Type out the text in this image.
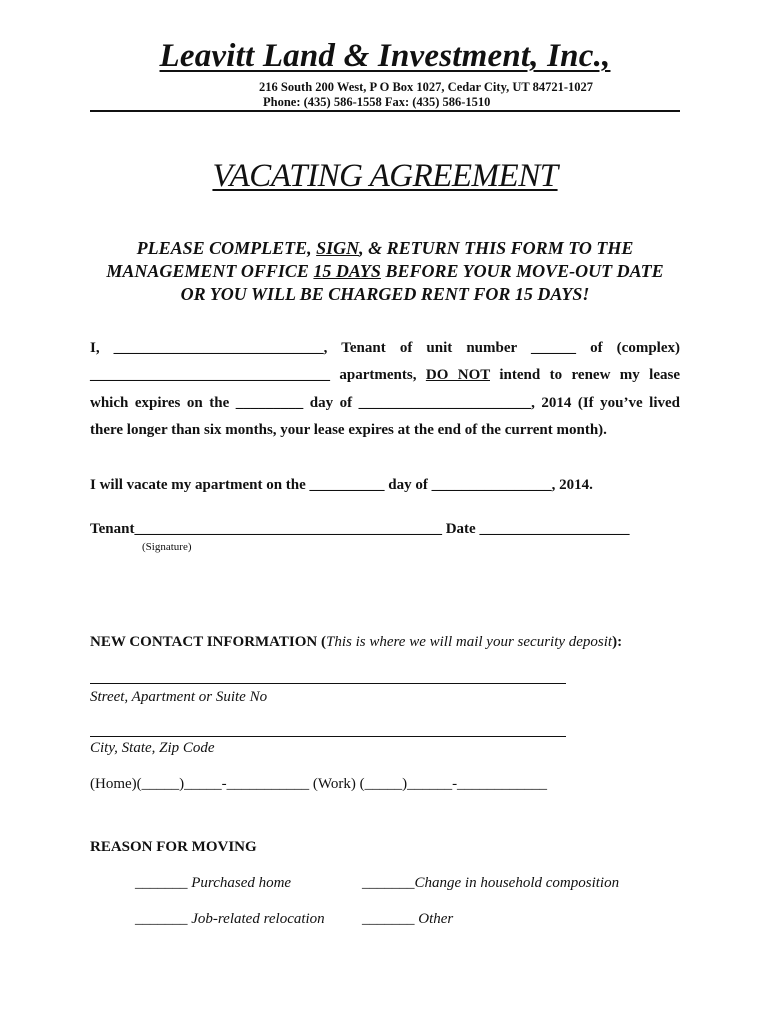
Leavitt Land & Investment, Inc.,
216 South 200 West, P O Box 1027, Cedar City, UT 84721-1027
Phone: (435) 586-1558 Fax: (435) 586-1510
VACATING AGREEMENT
PLEASE COMPLETE, SIGN, & RETURN THIS FORM TO THE
MANAGEMENT OFFICE 15 DAYS BEFORE YOUR MOVE-OUT DATE
OR YOU WILL BE CHARGED RENT FOR 15 DAYS!
I, ____________________________, Tenant of unit number ______ of (complex)
________________________________ apartments, DO NOT intend to renew my lease
which expires on the _________ day of _______________________, 2014 (If you’ve lived
there longer than six months, your lease expires at the end of the current month).
I will vacate my apartment on the __________ day of ________________, 2014.
Tenant_________________________________________ Date ____________________
(Signature)
NEW CONTACT INFORMATION (This is where we will mail your security deposit):
Street, Apartment or Suite No
City, State, Zip Code
(Home)(_____)_____-___________ (Work) (_____)______-____________
REASON FOR MOVING
_______ Purchased home	_______Change in household composition
_______ Job-related relocation _______ Other
